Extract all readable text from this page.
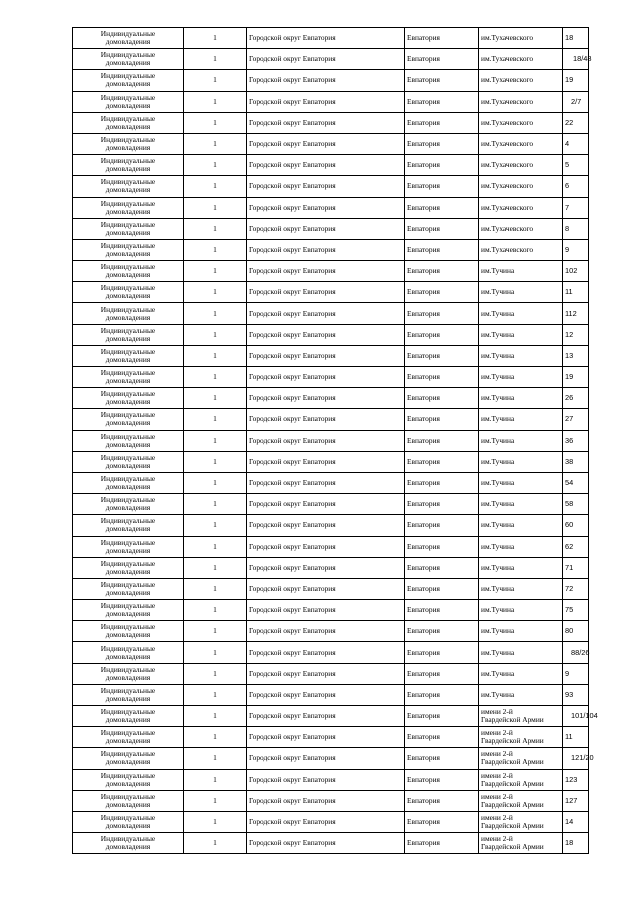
Индивидуальные
домовладения	1	Городской округ Евпатория	Евпатория	им.Тухачевского	18

Индивидуальные
домовладения	1	Городской округ Евпатория	Евпатория	им.Тухачевского	18/48

Индивидуальные
домовладения	1	Городской округ Евпатория	Евпатория	им.Тухачевского	19

Индивидуальные
домовладения	1	Городской округ Евпатория	Евпатория	им.Тухачевского	2/7

Индивидуальные
домовладения	1	Городской округ Евпатория	Евпатория	им.Тухачевского	22

Индивидуальные
домовладения	1	Городской округ Евпатория	Евпатория	им.Тухачевского	4

Индивидуальные
домовладения	1	Городской округ Евпатория	Евпатория	им.Тухачевского	5

Индивидуальные
домовладения	1	Городской округ Евпатория	Евпатория	им.Тухачевского	6

Индивидуальные
домовладения	1	Городской округ Евпатория	Евпатория	им.Тухачевского	7

Индивидуальные
домовладения	1	Городской округ Евпатория	Евпатория	им.Тухачевского	8

Индивидуальные
домовладения	1	Городской округ Евпатория	Евпатория	им.Тухачевского	9

Индивидуальные
домовладения	1	Городской округ Евпатория	Евпатория	им.Тучина	102

Индивидуальные
домовладения	1	Городской округ Евпатория	Евпатория	им.Тучина	11

Индивидуальные
домовладения	1	Городской округ Евпатория	Евпатория	им.Тучина	112

Индивидуальные
домовладения	1	Городской округ Евпатория	Евпатория	им.Тучина	12

Индивидуальные
домовладения	1	Городской округ Евпатория	Евпатория	им.Тучина	13

Индивидуальные
домовладения	1	Городской округ Евпатория	Евпатория	им.Тучина	19

Индивидуальные
домовладения	1	Городской округ Евпатория	Евпатория	им.Тучина	26

Индивидуальные
домовладения	1	Городской округ Евпатория	Евпатория	им.Тучина	27

Индивидуальные
домовладения	1	Городской округ Евпатория	Евпатория	им.Тучина	36

Индивидуальные
домовладения	1	Городской округ Евпатория	Евпатория	им.Тучина	38

Индивидуальные
домовладения	1	Городской округ Евпатория	Евпатория	им.Тучина	54

Индивидуальные
домовладения	1	Городской округ Евпатория	Евпатория	им.Тучина	58

Индивидуальные
домовладения	1	Городской округ Евпатория	Евпатория	им.Тучина	60

Индивидуальные
домовладения	1	Городской округ Евпатория	Евпатория	им.Тучина	62

Индивидуальные
домовладения	1	Городской округ Евпатория	Евпатория	им.Тучина	71

Индивидуальные
домовладения	1	Городской округ Евпатория	Евпатория	им.Тучина	72

Индивидуальные
домовладения	1	Городской округ Евпатория	Евпатория	им.Тучина	75

Индивидуальные
домовладения	1	Городской округ Евпатория	Евпатория	им.Тучина	80

Индивидуальные
домовладения	1	Городской округ Евпатория	Евпатория	им.Тучина	88/26

Индивидуальные
домовладения	1	Городской округ Евпатория	Евпатория	им.Тучина	9

Индивидуальные
домовладения	1	Городской округ Евпатория	Евпатория	им.Тучина	93

Индивидуальные
домовладения	1	Городской округ Евпатория	Евпатория	имени 2-й
Гвардейской Армии	101/104

Индивидуальные
домовладения	1	Городской округ Евпатория	Евпатория	имени 2-й
Гвардейской Армии	11

Индивидуальные
домовладения	1	Городской округ Евпатория	Евпатория	имени 2-й
Гвардейской Армии	121/20

Индивидуальные
домовладения	1	Городской округ Евпатория	Евпатория	имени 2-й
Гвардейской Армии	123

Индивидуальные
домовладения	1	Городской округ Евпатория	Евпатория	имени 2-й
Гвардейской Армии	127

Индивидуальные
домовладения	1	Городской округ Евпатория	Евпатория	имени 2-й
Гвардейской Армии	14

Индивидуальные
домовладения	1	Городской округ Евпатория	Евпатория	имени 2-й
Гвардейской Армии	18
